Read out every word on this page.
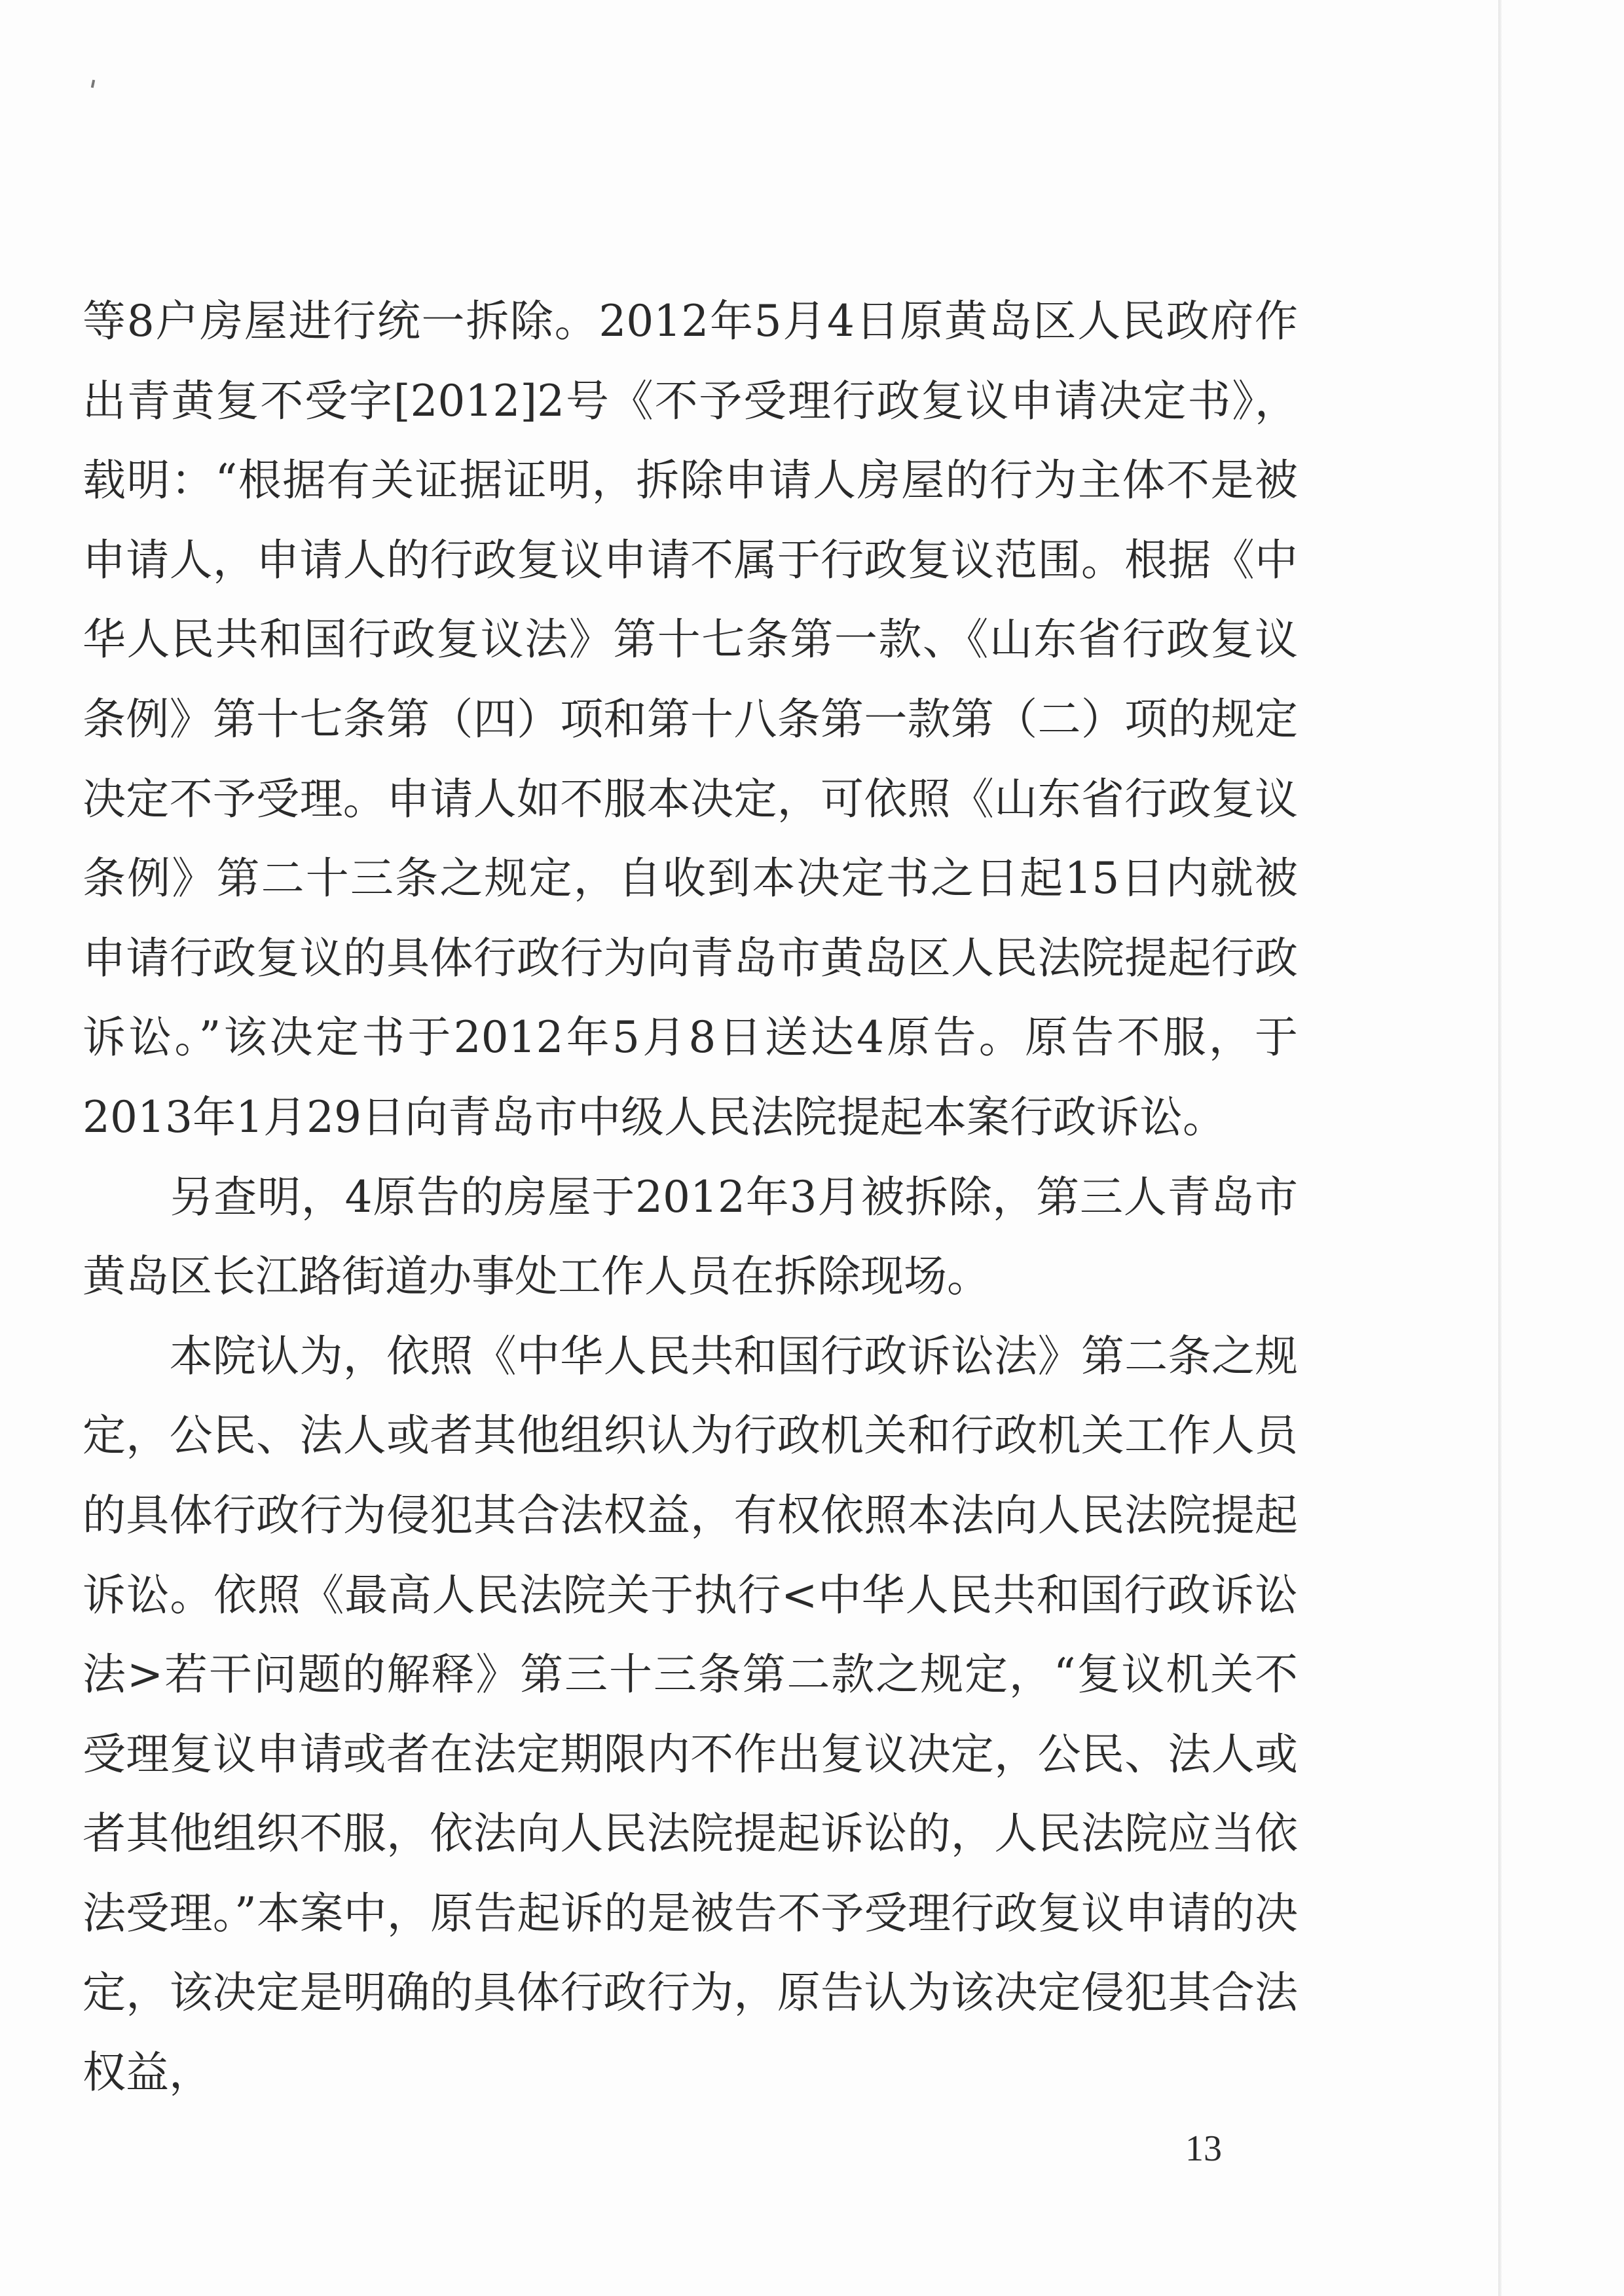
等8户房屋进行统一拆除。2012年5月4日原黄岛区人民政府作出青黄复不受字[2012]2号《不予受理行政复议申请决定书》，载明：“根据有关证据证明，拆除申请人房屋的行为主体不是被申请人，申请人的行政复议申请不属于行政复议范围。根据《中华人民共和国行政复议法》第十七条第一款、《山东省行政复议条例》第十七条第（四）项和第十八条第一款第（二）项的规定决定不予受理。申请人如不服本决定，可依照《山东省行政复议条例》第二十三条之规定，自收到本决定书之日起15日内就被申请行政复议的具体行政行为向青岛市黄岛区人民法院提起行政诉讼。”该决定书于2012年5月8日送达4原告。原告不服，于2013年1月29日向青岛市中级人民法院提起本案行政诉讼。

　　另查明，4原告的房屋于2012年3月被拆除，第三人青岛市黄岛区长江路街道办事处工作人员在拆除现场。

　　本院认为，依照《中华人民共和国行政诉讼法》第二条之规定，公民、法人或者其他组织认为行政机关和行政机关工作人员的具体行政行为侵犯其合法权益，有权依照本法向人民法院提起诉讼。依照《最高人民法院关于执行<中华人民共和国行政诉讼法>若干问题的解释》第三十三条第二款之规定，“复议机关不受理复议申请或者在法定期限内不作出复议决定，公民、法人或者其他组织不服，依法向人民法院提起诉讼的，人民法院应当依法受理。”本案中，原告起诉的是被告不予受理行政复议申请的决定，该决定是明确的具体行政行为，原告认为该决定侵犯其合法权益，

13
